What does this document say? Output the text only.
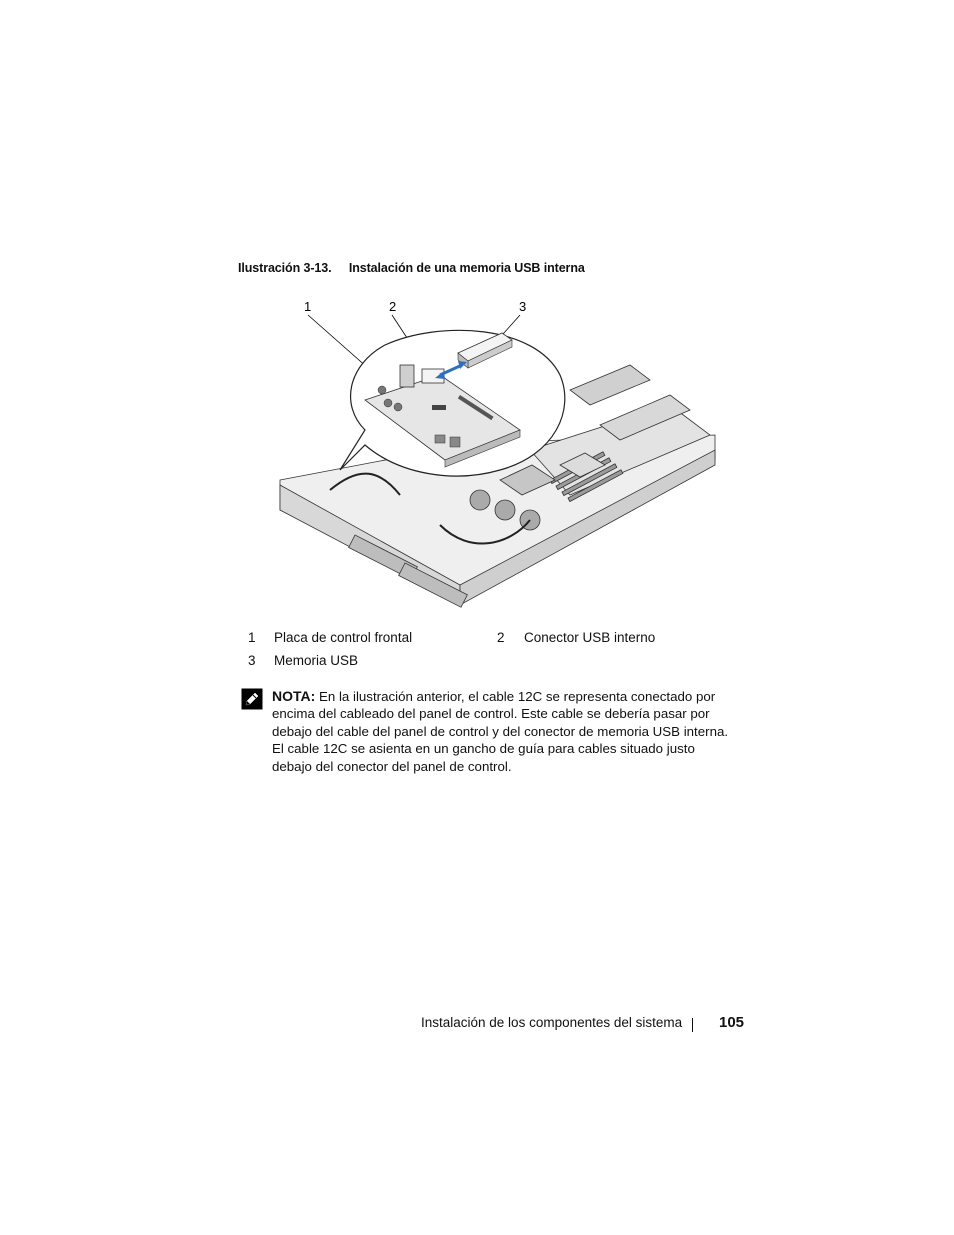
Ilustración 3-13. Instalación de una memoria USB interna
1	2	3
1 Placa de control frontal	2 Conector USB interno
3 Memoria USB
NOTA: En la ilustración anterior, el cable 12C se representa conectado por encima del cableado del panel de control. Este cable se debería pasar por debajo del cable del panel de control y del conector de memoria USB interna. El cable 12C se asienta en un gancho de guía para cables situado justo debajo del conector del panel de control.
Instalación de los componentes del sistema 105
